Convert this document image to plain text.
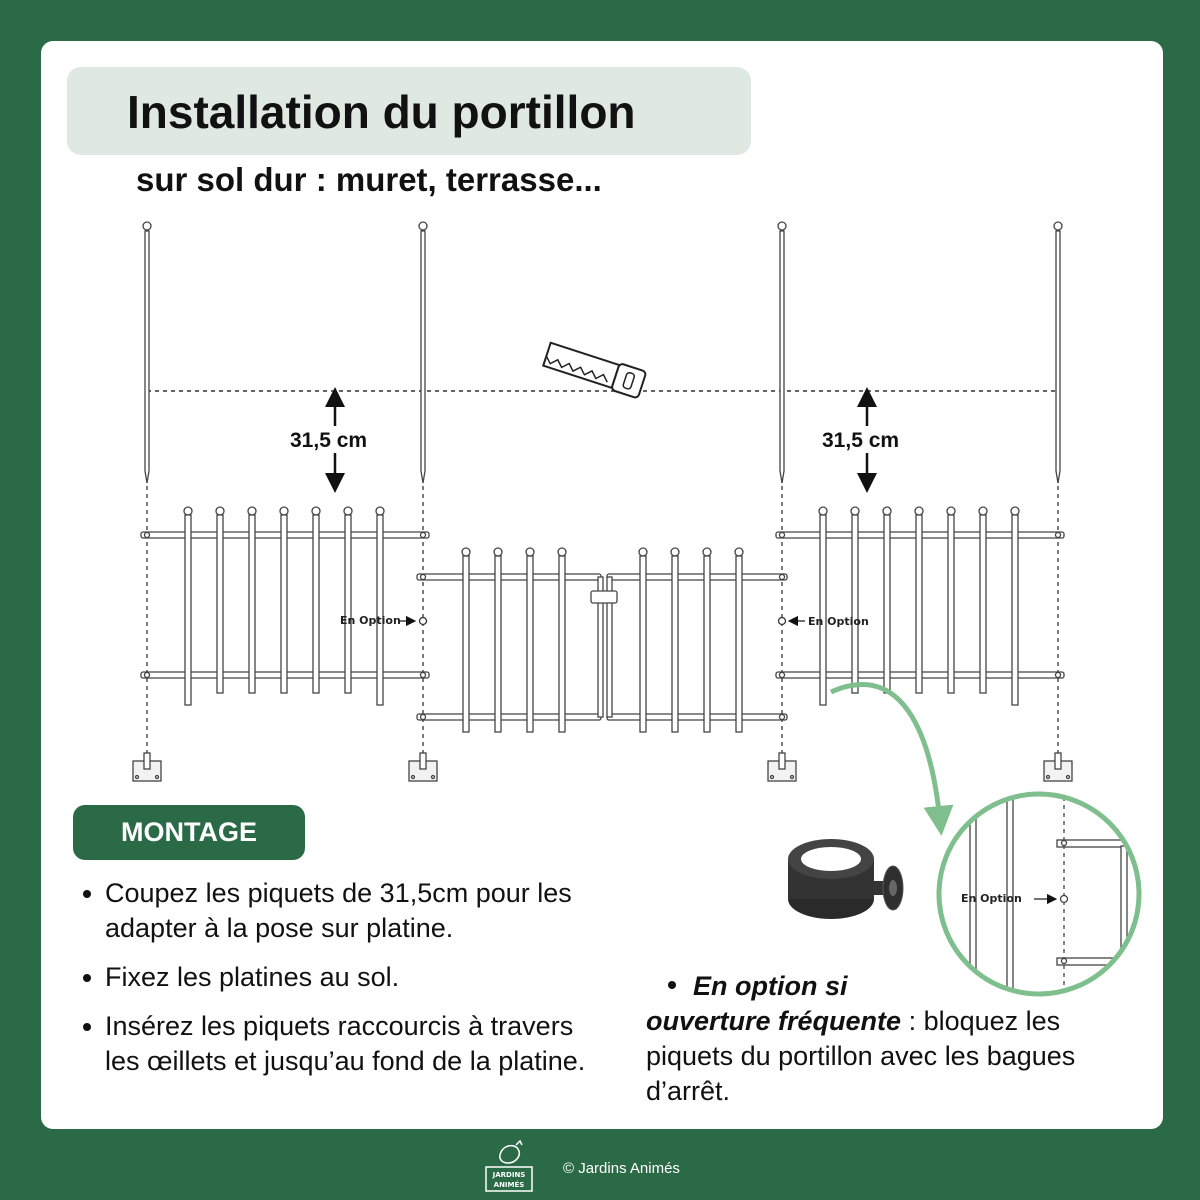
Installation du portillon
sur sol dur : muret, terrasse...
31,5 cm	31,5 cm
En Option	En Option
En Option
MONTAGE
Coupez les piquets de 31,5cm pour les adapter à la pose sur platine.
Fixez les platines au sol.
Insérez les piquets raccourcis à travers les œillets et jusqu’au fond de la platine.
En option si
ouverture fréquente : bloquez les piquets du portillon avec les bagues d’arrêt.
JARDINS
ANIMÉS
© Jardins Animés
